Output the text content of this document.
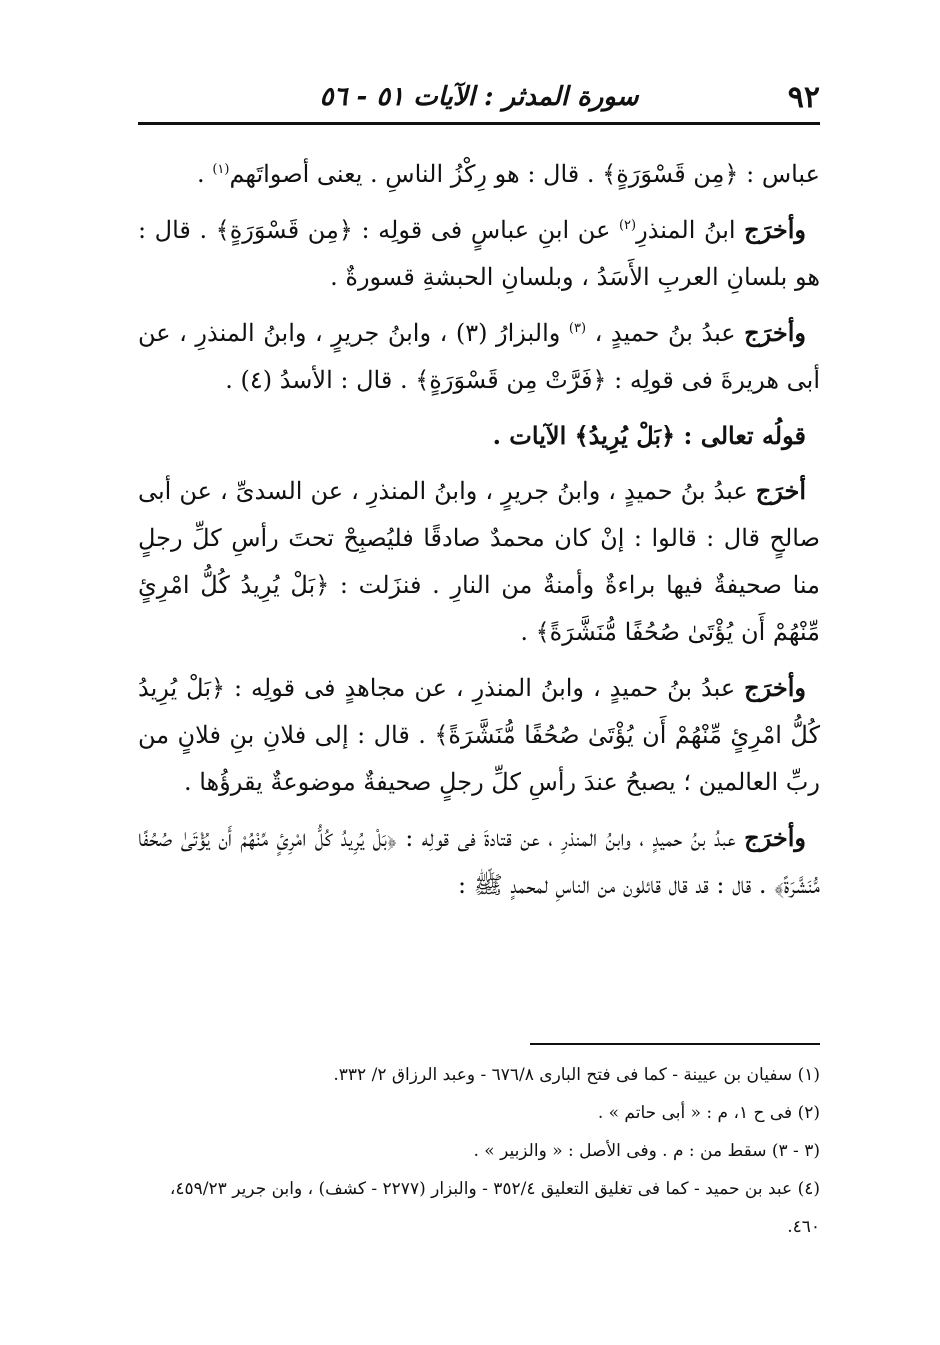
٩٢
سورة المدثر : الآيات ٥١ - ٥٦

عباس : ﴿مِن قَسْوَرَةٍ﴾ . قال : هو رِكْزُ الناسِ . يعنى أصواتَهم$^{(١)}$ .

وأخرَج ابنُ المنذرِ$^{(٢)}$ عن ابنِ عباسٍ فى قولِه : ﴿مِن قَسْوَرَةٍ﴾ . قال : هو بلسانِ العربِ الأَسَدُ ، وبلسانِ الحبشةِ قسورةٌ .

وأخرَج عبدُ بنُ حميدٍ ، $^{(٣)}$ والبزارُ (٣) ، وابنُ جريرٍ ، وابنُ المنذرِ ، عن أبى هريرةَ فى قولِه : ﴿فَرَّتْ مِن قَسْوَرَةٍ﴾ . قال : الأسدُ (٤) .

قولُه تعالى : ﴿بَلْ يُرِيدُ﴾ الآيات .

أخرَج عبدُ بنُ حميدٍ ، وابنُ جريرٍ ، وابنُ المنذرِ ، عن السدىِّ ، عن أبى صالحٍ قال : قالوا : إنْ كان محمدٌ صادقًا فليُصبِحْ تحتَ رأسِ كلِّ رجلٍ منا صحيفةٌ فيها براءةٌ وأمنةٌ من النارِ . فنزَلت : ﴿بَلْ يُرِيدُ كُلُّ امْرِئٍ مِّنْهُمْ أَن يُؤْتَىٰ صُحُفًا مُّنَشَّرَةً﴾ .

وأخرَج عبدُ بنُ حميدٍ ، وابنُ المنذرِ ، عن مجاهدٍ فى قولِه : ﴿بَلْ يُرِيدُ كُلُّ امْرِئٍ مِّنْهُمْ أَن يُؤْتَىٰ صُحُفًا مُّنَشَّرَةً﴾ . قال : إلى فلانِ بنِ فلانٍ من ربِّ العالمين ؛ يصبحُ عندَ رأسِ كلِّ رجلٍ صحيفةٌ موضوعةٌ يقرؤُها .

وأخرَج عبدُ بنُ حميدٍ ، وابنُ المنذرِ ، عن قتادةَ فى قولِه : ﴿بَلْ يُرِيدُ كُلُّ امْرِئٍ مِّنْهُمْ أَن يُؤْتَىٰ صُحُفًا مُّنَشَّرَةً﴾ . قال : قد قال قائلون من الناسِ لمحمدٍ ﷺ :

(١) سفيان بن عيينة - كما فى فتح البارى ٦٧٦/٨ - وعبد الرزاق ٢/ ٣٣٢.

(٢) فى ح ١، م : « أبى حاتم » .

(٣ - ٣) سقط من : م . وفى الأصل : « والزبير » .

(٤) عبد بن حميد - كما فى تغليق التعليق ٣٥٢/٤ - والبزار (٢٢٧٧ - كشف) ، وابن جرير ٤٥٩/٢٣، ٤٦٠.
